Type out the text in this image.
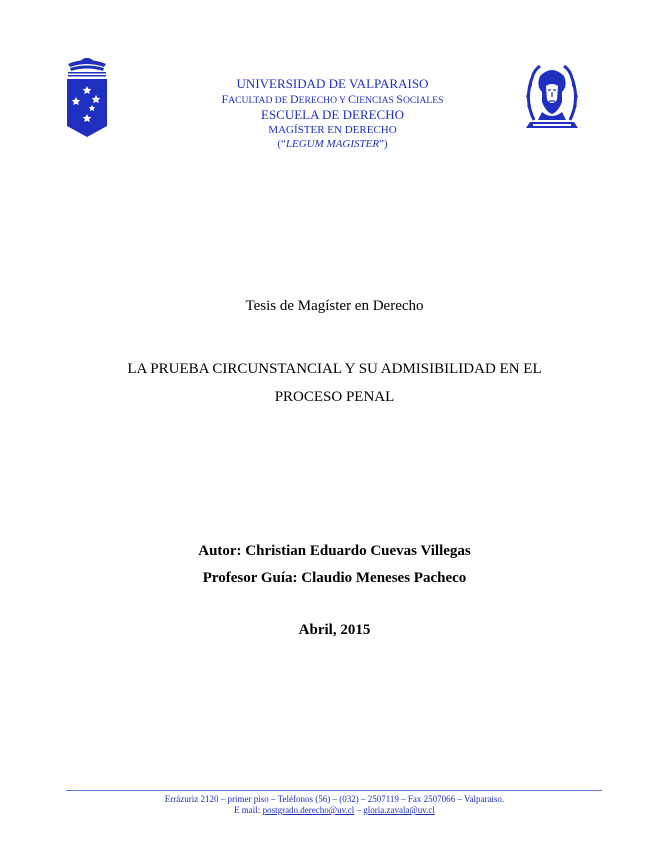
UNIVERSIDAD DE VALPARAISO
FACULTAD DE DERECHO Y CIENCIAS SOCIALES
ESCUELA DE DERECHO
MAGÍSTER EN DERECHO
(“LEGUM MAGISTER”)
Tesis de Magíster en Derecho
LA PRUEBA CIRCUNSTANCIAL Y SU ADMISIBILIDAD EN EL
PROCESO PENAL
Autor: Christian Eduardo Cuevas Villegas
Profesor Guía: Claudio Meneses Pacheco
Abril, 2015
Errázuriz 2120 – primer piso – Teléfonos (56) – (032) – 2507119 – Fax 2507066 – Valparaíso.
E mail: postgrado.derecho@uv.cl – gloria.zavala@uv.cl
